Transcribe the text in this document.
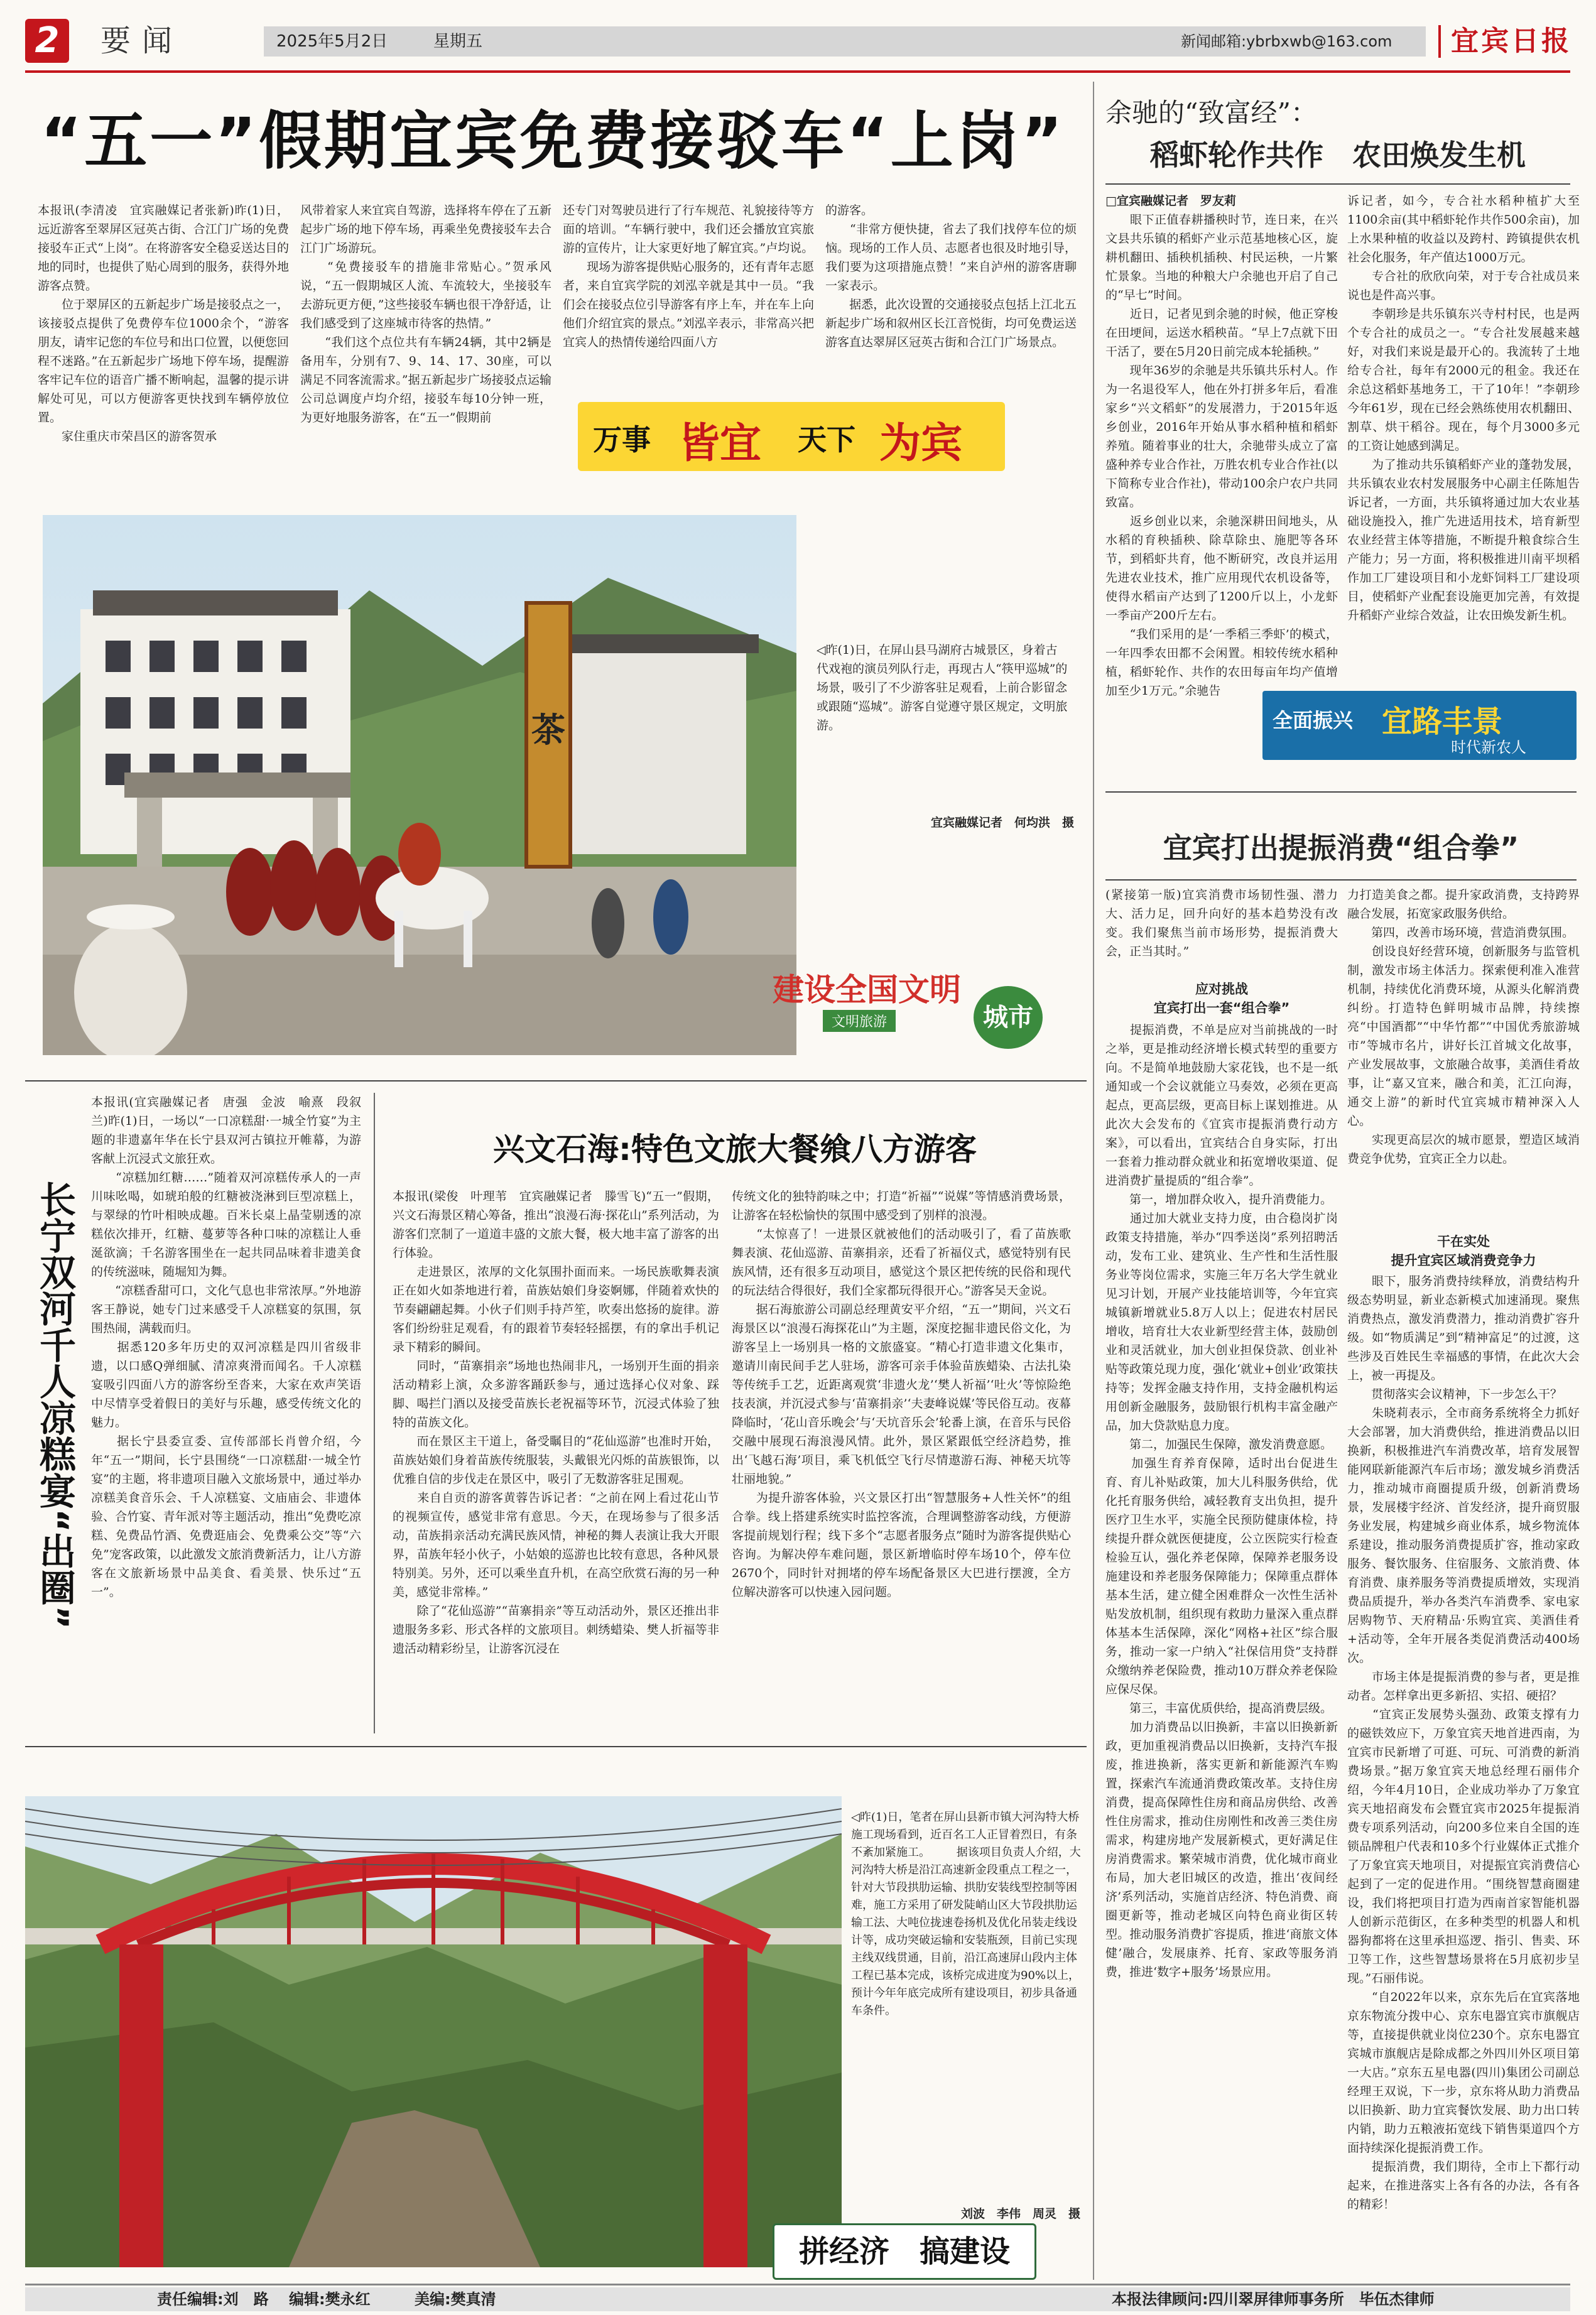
2	要闻	2025年5月2日	星期五	新闻邮箱:ybrbxwb@163.com 宜宾日报
“五一”假期宜宾免费接驳车“上岗”
本报讯(李清凌　宜宾融媒记者张新)昨(1)日，远近游客至翠屏区冠英古街、合江门广场的免费接驳车正式“上岗”。在将游客安全稳妥送达目的地的同时，也提供了贴心周到的服务，获得外地游客点赞。
　　位于翠屏区的五新起步广场是接驳点之一，该接驳点提供了免费停车位1000余个，“游客朋友，请牢记您的车位号和出口位置，以便您回程不迷路。”在五新起步广场地下停车场，提醒游客牢记车位的语音广播不断响起，温馨的提示讲解处可见，可以方便游客更快找到车辆停放位置。
　　家住重庆市荣昌区的游客贺承
风带着家人来宜宾自驾游，选择将车停在了五新起步广场的地下停车场，再乘坐免费接驳车去合江门广场游玩。
　　“免费接驳车的措施非常贴心。”贺承风说，“五一假期城区人流、车流较大，坐接驳车去游玩更方便，”这些接驳车辆也很干净舒适，让我们感受到了这座城市待客的热情。”
　　“我们这个点位共有车辆24辆，其中2辆是备用车，分别有7、9、14、17、30座，可以满足不同客流需求。”据五新起步广场接驳点运输公司总调度卢均介绍，接驳车每10分钟一班，为更好地服务游客，在“五一”假期前
还专门对驾驶员进行了行车规范、礼貌接待等方面的培训。“车辆行驶中，我们还会播放宜宾旅游的宣传片，让大家更好地了解宜宾。”卢均说。
　　现场为游客提供贴心服务的，还有青年志愿者，来自宜宾学院的刘泓辛就是其中一员。“我们会在接驳点位引导游客有序上车，并在车上向他们介绍宜宾的景点。”刘泓辛表示，非常高兴把宜宾人的热情传递给四面八方
的游客。
　　“非常方便快捷，省去了我们找停车位的烦恼。现场的工作人员、志愿者也很及时地引导，我们要为这项措施点赞！”来自泸州的游客唐聊一家表示。
　　据悉，此次设置的交通接驳点包括上江北五新起步广场和叙州区长江音悦街，均可免费运送游客直达翠屏区冠英古街和合江门广场景点。
万事 皆宜 天下 为宾
茶
◁昨(1)日，在屏山县马湖府古城景区，身着古代戏袍的演员列队行走，再现古人“筷甲巡城”的场景，吸引了不少游客驻足观看，上前合影留念或跟随“巡城”。游客自觉遵守景区规定，文明旅游。
宜宾融媒记者　何均洪　摄
建设全国文明
文明旅游	城市
长宁双河千人凉糕宴“出圈”
本报讯(宜宾融媒记者　唐强　金波　喻熹　段叙兰)昨(1)日，一场以“一口凉糕甜·一城全竹宴”为主题的非遗嘉年华在长宁县双河古镇拉开帷幕，为游客献上沉浸式文旅狂欢。
　　“凉糕加红糖……”随着双河凉糕传承人的一声川味吆喝，如琥珀般的红糖被浇淋到巨型凉糕上，与翠绿的竹叶相映成趣。百米长桌上晶莹剔透的凉糕依次排开，红糖、蔓萝等各种口味的凉糕让人垂涎欲滴；千名游客围坐在一起共同品味着非遗美食的传统滋味，随堀知为舞。
　　“凉糕香甜可口，文化气息也非常浓厚。”外地游客王静说，她专门过来感受千人凉糕宴的氛围，氛围热闹，满载而归。
　　据悉120多年历史的双河凉糕是四川省级非遗，以口感Q弹细腻、清凉爽滑而闻名。千人凉糕宴吸引四面八方的游客纷至沓来，大家在欢声笑语中尽情享受着假日的美好与乐趣，感受传统文化的魅力。
　　据长宁县委宣委、宣传部部长肖曾介绍，今年“五一”期间，长宁县围绕“一口凉糕甜·一城全竹宴”的主题，将非遗项目融入文旅场景中，通过举办凉糕美食音乐会、千人凉糕宴、文庙庙会、非遗体验、合竹宴、青年派对等主题活动，推出“免费吃凉糕、免费品竹酒、免费逛庙会、免费乘公交”等“六免”宠客政策，以此激发文旅消费新活力，让八方游客在文旅新场景中品美食、看美景、快乐过“五一”。
兴文石海:特色文旅大餐飨八方游客
本报讯(梁俊　叶理苇　宜宾融媒记者　滕雪飞)“五一”假期，兴文石海景区精心筹备，推出“浪漫石海·探花山”系列活动，为游客们烹制了一道道丰盛的文旅大餐，极大地丰富了游客的出行体验。
　　走进景区，浓厚的文化氛围扑面而来。一场民族歌舞表演正在如火如荼地进行着，苗族姑娘们身姿婀娜，伴随着欢快的节奏翩翩起舞。小伙子们则手持芦笙，吹奏出悠扬的旋律。游客们纷纷驻足观看，有的跟着节奏轻轻摇摆，有的拿出手机记录下精彩的瞬间。
　　同时，“苗寨捐亲”场地也热闹非凡，一场别开生面的捐亲活动精彩上演，众多游客踊跃参与，通过选择心仪对象、踩脚、喝拦门酒以及接受苗族长老祝福等环节，沉浸式体验了独特的苗族文化。
　　而在景区主干道上，备受瞩目的“花仙巡游”也准时开始，苗族姑娘们身着苗族传统服装，头戴银光闪烁的苗族银饰，以优雅自信的步伐走在景区中，吸引了无数游客驻足围观。
　　来自自贡的游客黄蓉告诉记者：“之前在网上看过花山节的视频宣传，感觉非常有意思。今天，在现场参与了很多活动，苗族捐亲活动充满民族风情，神秘的舞人表演让我大开眼界，苗族年轻小伙子，小姑娘的巡游也比较有意思，各种风景特别美。另外，还可以乘坐直升机，在高空欣赏石海的另一种美，感觉非常棒。”
　　除了“花仙巡游”“苗寨捐亲”等互动活动外，景区还推出非遗服务多彩、形式各样的文旅项目。刺绣蜡染、樊人折福等非遗活动精彩纷呈，让游客沉浸在
传统文化的独特韵味之中；打造“祈福”“说媒”等情感消费场景，让游客在轻松愉快的氛围中感受到了别样的浪漫。
　　“太惊喜了！一进景区就被他们的活动吸引了，看了苗族歌舞表演、花仙巡游、苗寨捐亲，还看了祈福仪式，感觉特别有民族风情，还有很多互动项目，感觉这个景区把传统的民俗和现代的玩法结合得很好，我们全家都玩得很开心。”游客吴天金说。
　　据石海旅游公司副总经理黄安平介绍，“五一”期间，兴文石海景区以“浪漫石海探花山”为主题，深度挖掘非遗民俗文化，为游客呈上一场别具一格的文旅盛宴。“精心打造非遗文化集市，邀请川南民间手艺人驻场，游客可亲手体验苗族蜡染、古法扎染等传统手工艺，近距离观赏‘非遗火龙’‘樊人祈福’‘吐火’等惊险绝技表演，并沉浸式参与‘苗寨捐亲’‘夫妻峰说媒’等民俗互动。夜幕降临时，‘花山音乐晚会’与‘天坑音乐会’轮番上演，在音乐与民俗交融中展现石海浪漫风情。此外，景区紧跟低空经济趋势，推出‘飞越石海’项目，乘飞机低空飞行尽情遨游石海、神秘天坑等壮丽地貌。”
　　为提升游客体验，兴文景区打出“智慧服务+人性关怀”的组合拳。线上搭建系统实时监控客流，合理调整游客动线，方便游客提前规划行程；线下多个“志愿者服务点”随时为游客提供贴心咨询。为解决停车难问题，景区新增临时停车场10个，停车位2670个，同时针对拥堵的停车场配备景区大巴进行摆渡，全方位解决游客可以快速入园问题。
◁昨(1)日，笔者在屏山县新市镇大河沟特大桥施工现场看到，近百名工人正冒着烈日，有条不紊加紧施工。 　　据该项目负责人介绍，大河沟特大桥是沿江高速新金段重点工程之一，针对大节段拱肋运输、拱肋安装线型控制等困难，施工方采用了研发陡峭山区大节段拱肋运输工法、大吨位拢速卷扬机及优化吊装走线设计等，成功突破运输和安装瓶颈，目前已实现主线双线贯通，目前，沿江高速屏山段内主体工程已基本完成，该桥完成进度为90%以上，预计今年年底完成所有建设项目，初步具备通车条件。
刘波　李伟　周灵　摄
拼经济　搞建设
余驰的“致富经”：
稻虾轮作共作　农田焕发生机
□宜宾融媒记者　罗友莉
　　眼下正值春耕播秧时节，连日来，在兴文县共乐镇的稻虾产业示范基地核心区，旋耕机翻田、插秧机插秧、村民运秧，一片繁忙景象。当地的种粮大户余驰也开启了自己的“早七”时间。
　　近日，记者见到余驰的时候，他正穿梭在田埂间，运送水稻秧苗。“早上7点就下田干活了，要在5月20日前完成本轮插秧。”
　　现年36岁的余驰是共乐镇共乐村人。作为一名退役军人，他在外打拼多年后，看准家乡“兴文稻虾”的发展潜力，于2015年返乡创业，2016年开始从事水稻种植和稻虾养殖。随着事业的壮大，余驰带头成立了富盛种养专业合作社，万胜农机专业合作社(以下简称专业合作社)，带动100余户农户共同致富。
　　返乡创业以来，余驰深耕田间地头，从水稻的育秧插秧、除草除虫、施肥等各环节，到稻虾共育，他不断研究，改良并运用先进农业技术，推广应用现代农机设备等，使得水稻亩产达到了1200斤以上，小龙虾一季亩产200斤左右。
　　“我们采用的是‘一季稻三季虾’的模式，一年四季农田都不会闲置。相较传统水稻种植，稻虾轮作、共作的农田每亩年均产值增加至少1万元。”余驰告
诉记者，如今，专合社水稻种植扩大至1100余亩(其中稻虾轮作共作500余亩)，加上水果种植的收益以及跨村、跨镇提供农机社会化服务，年产值达1000万元。
　　专合社的欣欣向荣，对于专合社成员来说也是件高兴事。
　　李朝珍是共乐镇东兴寺村村民，也是两个专合社的成员之一。“专合社发展越来越好，对我们来说是最开心的。我流转了土地给专合社，每年有2000元的租金。我还在余总这稻虾基地务工，干了10年！”李朝珍今年61岁，现在已经会熟练使用农机翻田、割草、烘干稻谷。现在，每个月3000多元的工资让她感到满足。
　　为了推动共乐镇稻虾产业的蓬勃发展，共乐镇农业农村发展服务中心副主任陈旭告诉记者，一方面，共乐镇将通过加大农业基础设施投入，推广先进适用技术，培育新型农业经营主体等措施，不断提升粮食综合生产能力；另一方面，将积极推进川南平坝稻作加工厂建设项目和小龙虾饲料工厂建设项目，使稻虾产业配套设施更加完善，有效提升稻虾产业综合效益，让农田焕发新生机。
全面振兴 宜路丰景
时代新农人
宜宾打出提振消费“组合拳”
(紧接第一版)宜宾消费市场韧性强、潜力大、活力足，回升向好的基本趋势没有改变。我们聚焦当前市场形势，提振消费大会，正当其时。”
应对挑战
宜宾打出一套“组合拳”
　　提振消费，不单是应对当前挑战的一时之举，更是推动经济增长模式转型的重要方向。不是简单地鼓励大家花钱，也不是一纸通知或一个会议就能立马奏效，必须在更高起点，更高层级，更高目标上谋划推进。从此次大会发布的《宜宾市提振消费行动方案》，可以看出，宜宾结合自身实际，打出一套着力推动群众就业和拓宽增收渠道、促进消费扩量提质的“组合拳”。
　　第一，增加群众收入，提升消费能力。
　　通过加大就业支持力度，由合稳岗扩岗政策支持措施，举办“四季送岗”系列招聘活动，发布工业、建筑业、生产性和生活性服务业等岗位需求，实施三年万名大学生就业见习计划，开展产业技能培训等，今年宜宾城镇新增就业5.8万人以上；促进农村居民增收，培育壮大农业新型经营主体，鼓励创业和灵活就业，加大创业担保贷款、创业补贴等政策兑现力度，强化‘就业+创业’政策扶持等；发挥金融支持作用，支持金融机构运用创新金融服务，鼓励银行机构丰富金融产品，加大贷款贴息力度。
　　第二，加强民生保障，激发消费意愿。
　　加强生育养育保障，适时出台促进生育、育儿补贴政策，加大儿科服务供给，优化托育服务供给，减轻教育支出负担，提升医疗卫生水平，实施全民预防健康体检，持续提升群众就医便捷度，公立医院实行检查检验互认，强化养老保障，保障养老服务设施建设和养老服务保障能力；保障重点群体基本生活，建立健全困难群众一次性生活补贴发放机制，组织现有救助力量深入重点群体基本生活保障，深化“网格+社区”综合服务，推动一家一户纳入“社保信用贷”支持群众缴纳养老保险费，推动10万群众养老保险应保尽保。
　　第三，丰富优质供给，提高消费层级。
　　加力消费品以旧换新，丰富以旧换新新政，更加重视消费品以旧换新，支持汽车报废，推进换新，落实更新和新能源汽车购置，探索汽车流通消费政策改革。支持住房消费，提高保障性住房和商品房供给、改善性住房需求，推动住房刚性和改善三类住房需求，构建房地产发展新模式，更好满足住房消费需求。繁荣城市消费，优化城市商业布局，加大老旧城区的改造，推出‘夜间经济’系列活动，实施首店经济、特色消费、商圈更新等，推动老城区向特色商业街区转型。推动服务消费扩容提质，推进‘商旅文体健’融合，发展康养、托育、家政等服务消费，推进‘数字+服务’场景应用。
力打造美食之都。提升家政消费，支持跨界融合发展，拓宽家政服务供给。
　　第四，改善市场环境，营造消费氛围。
　　创设良好经营环境，创新服务与监管机制，激发市场主体活力。探索便利准入准营机制，持续优化消费环境，从源头化解消费纠纷。打造特色鲜明城市品牌，持续擦亮“中国酒都”“中华竹都”“中国优秀旅游城市”等城市名片，讲好长江首城文化故事，产业发展故事，文旅融合故事，美酒佳肴故事，让“嘉又宜来，融合和美，汇江向海，通交上游”的新时代宜宾城市精神深入人心。
　　实现更高层次的城市愿景，塑造区域消费竞争优势，宜宾正全力以赴。
干在实处
提升宜宾区域消费竞争力
　　眼下，服务消费持续释放，消费结构升级态势明显，新业态新模式加速涌现。聚焦消费热点，激发消费潜力，推动消费扩容升级。如“物质满足”到“精神富足”的过渡，这些涉及百姓民生幸福感的事情，在此次大会上，被一再提及。
　　贯彻落实会议精神，下一步怎么干？
　　朱晓莉表示，全市商务系统将全力抓好大会部署，加大消费供给，推进消费品以旧换新，积极推进汽车消费改革，培育发展智能网联新能源汽车后市场；激发城乡消费活力，推动城市商圈提质升级，创新消费场景，发展楼宇经济、首发经济，提升商贸服务业发展，构建城乡商业体系，城乡物流体系建设，推动服务消费提质扩容，推动家政服务、餐饮服务、住宿服务、文旅消费、体育消费、康养服务等消费提质增效，实现消费品质提升，举办各类汽车消费季、家电家居购物节、天府精品·乐购宜宾、美酒佳肴+活动等，全年开展各类促消费活动400场次。
　　市场主体是提振消费的参与者，更是推动者。怎样拿出更多新招、实招、硬招？
　　“宜宾正发展势头强劲、政策支撑有力的磁铁效应下，万象宜宾天地首进西南，为宜宾市民新增了可逛、可玩、可消费的新消费场景。”据万象宜宾天地总经理石丽伟介绍，今年4月10日，企业成功举办了万象宜宾天地招商发布会暨宜宾市2025年提振消费专项系列活动，向200多位来自全国的连锁品牌租户代表和10多个行业媒体正式推介了万象宜宾天地项目，对提振宜宾消费信心起到了一定的促进作用。“围绕智慧商圈建设，我们将把项目打造为西南首家智能机器人创新示范街区，在多种类型的机器人和机器狗都将在这里承担巡逻、指引、售卖、环卫等工作，这些智慧场景将在5月底初步呈现。”石丽伟说。
　　“自2022年以来，京东先后在宜宾落地京东物流分拨中心、京东电器宜宾市旗舰店等，直接提供就业岗位230个。京东电器宜宾城市旗舰店是除成都之外四川外区项目第一大店。”京东五星电器(四川)集团公司副总经理王双说，下一步，京东将从助力消费品以旧换新、助力宜宾餐饮发展、助力出口转内销，助力五粮液拓宽线下销售渠道四个方面持续深化提振消费工作。
　　提振消费，我们期待，全市上下都行动起来，在推进落实上各有各的办法，各有各的精彩！
责任编辑:刘　路 编辑:樊永红	美编:樊真清	本报法律顾问:四川翠屏律师事务所　毕伍杰律师
